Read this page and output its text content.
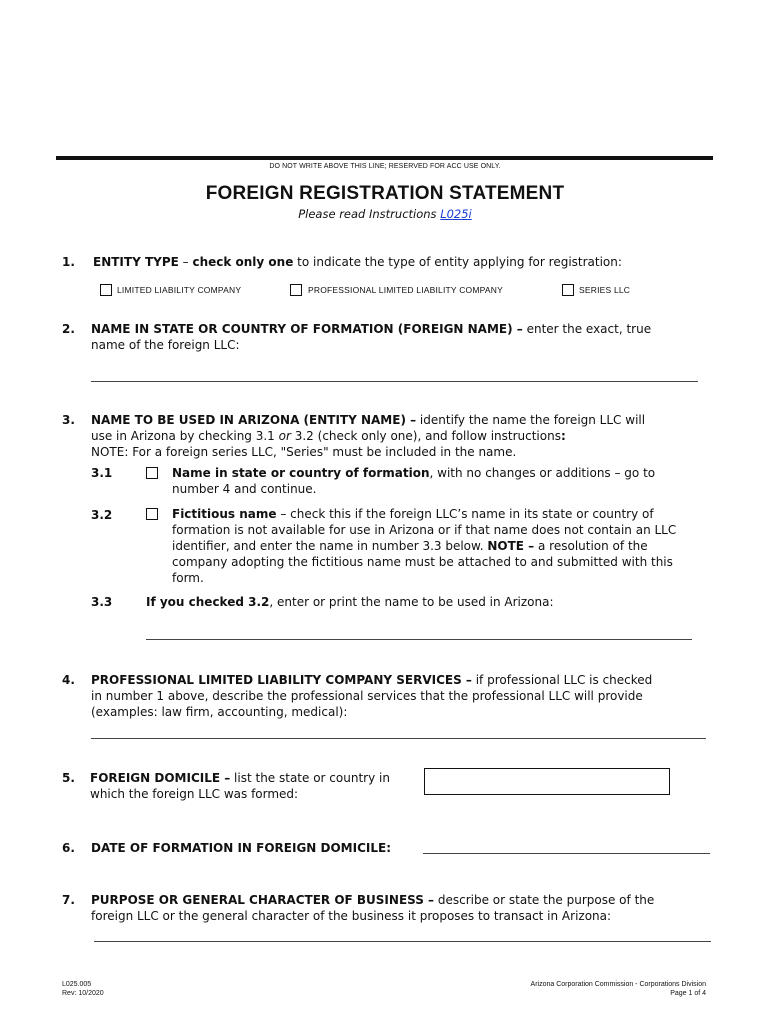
DO NOT WRITE ABOVE THIS LINE; RESERVED FOR ACC USE ONLY.
FOREIGN REGISTRATION STATEMENT
Please read Instructions L025i
1. ENTITY TYPE – check only one to indicate the type of entity applying for registration:
LIMITED LIABILITY COMPANY	PROFESSIONAL LIMITED LIABILITY COMPANY	SERIES LLC
2. NAME IN STATE OR COUNTRY OF FORMATION (FOREIGN NAME) – enter the exact, true
name of the foreign LLC:
3. NAME TO BE USED IN ARIZONA (ENTITY NAME) – identify the name the foreign LLC will
use in Arizona by checking 3.1 or 3.2 (check only one), and follow instructions:
NOTE: For a foreign series LLC, "Series" must be included in the name.
3.1	Name in state or country of formation, with no changes or additions – go to
number 4 and continue.
3.2	Fictitious name – check this if the foreign LLC’s name in its state or country of
formation is not available for use in Arizona or if that name does not contain an LLC
identifier, and enter the name in number 3.3 below. NOTE – a resolution of the
company adopting the fictitious name must be attached to and submitted with this
form.
3.3	If you checked 3.2, enter or print the name to be used in Arizona:
4. PROFESSIONAL LIMITED LIABILITY COMPANY SERVICES – if professional LLC is checked
in number 1 above, describe the professional services that the professional LLC will provide
(examples: law firm, accounting, medical):
5. FOREIGN DOMICILE – list the state or country in
which the foreign LLC was formed:
6. DATE OF FORMATION IN FOREIGN DOMICILE:
7. PURPOSE OR GENERAL CHARACTER OF BUSINESS – describe or state the purpose of the
foreign LLC or the general character of the business it proposes to transact in Arizona:
L025.005
Rev: 10/2020
Arizona Corporation Commission - Corporations Division
Page 1 of 4
